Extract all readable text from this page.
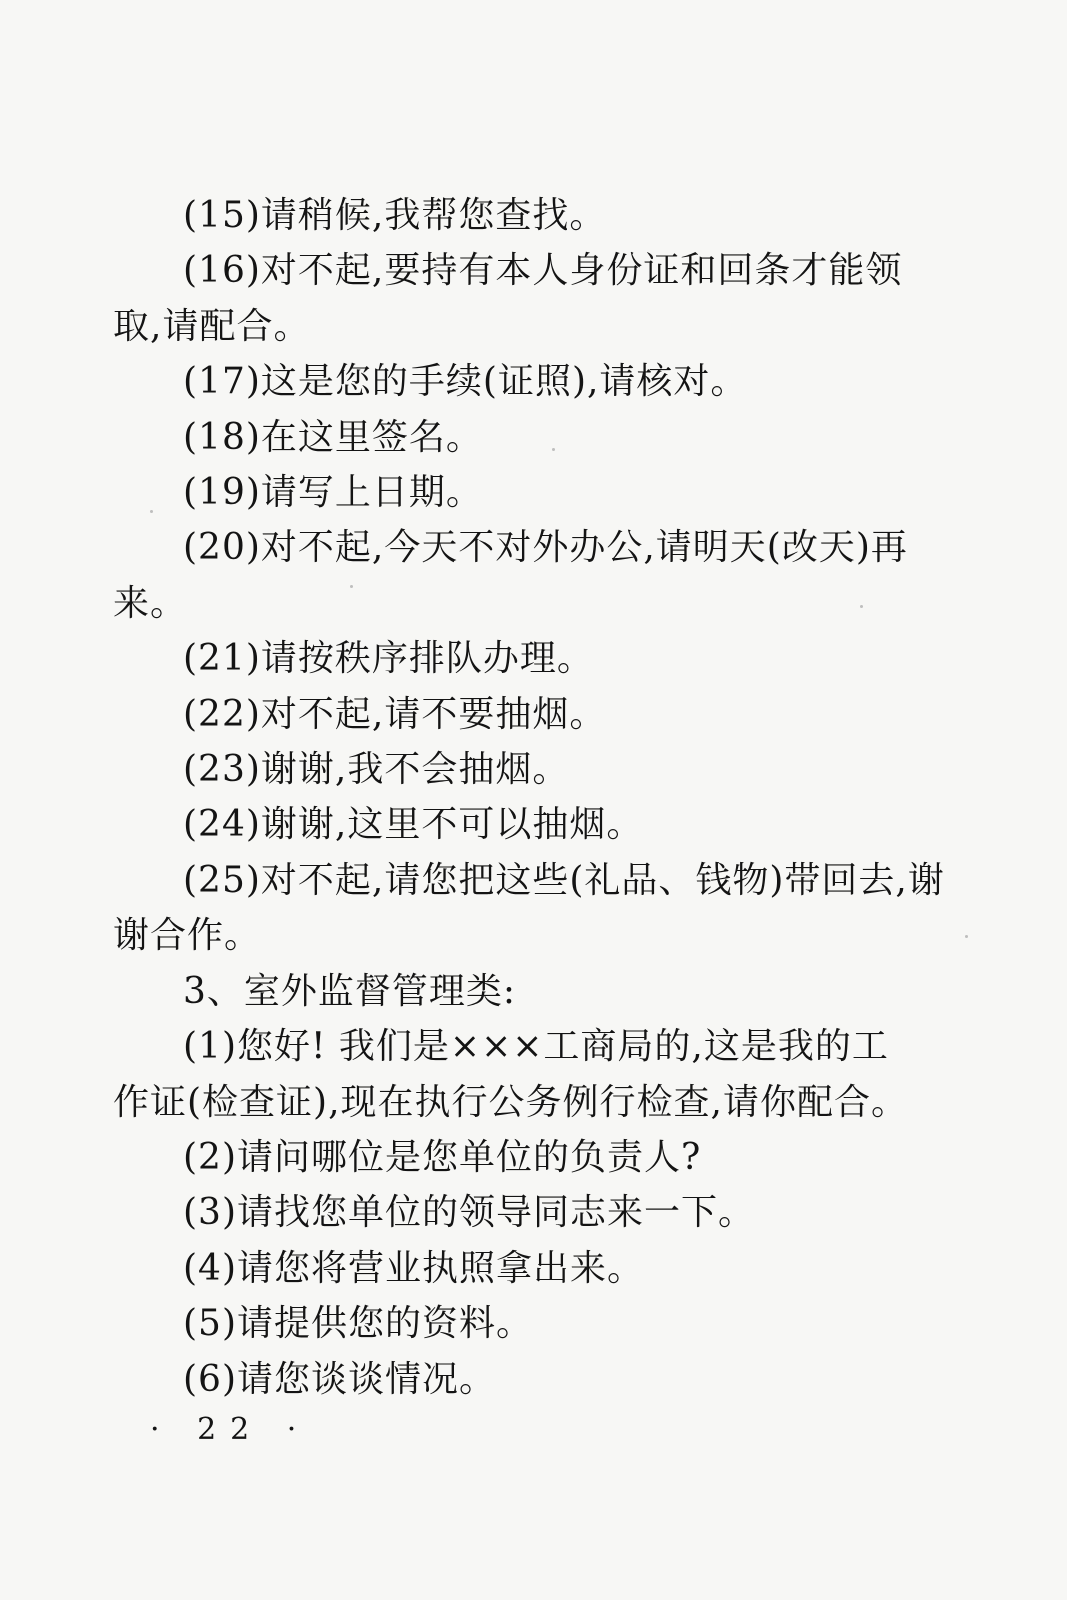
(15)请稍候,我帮您查找。
(16)对不起,要持有本人身份证和回条才能领
取,请配合。
(17)这是您的手续(证照),请核对。
(18)在这里签名。
(19)请写上日期。
(20)对不起,今天不对外办公,请明天(改天)再
来。
(21)请按秩序排队办理。
(22)对不起,请不要抽烟。
(23)谢谢,我不会抽烟。
(24)谢谢,这里不可以抽烟。
(25)对不起,请您把这些(礼品、钱物)带回去,谢
谢合作。
3、室外监督管理类:
(1)您好! 我们是×××工商局的,这是我的工
作证(检查证),现在执行公务例行检查,请你配合。
(2)请问哪位是您单位的负责人?
(3)请找您单位的领导同志来一下。
(4)请您将营业执照拿出来。
(5)请提供您的资料。
(6)请您谈谈情况。
· 22 ·
